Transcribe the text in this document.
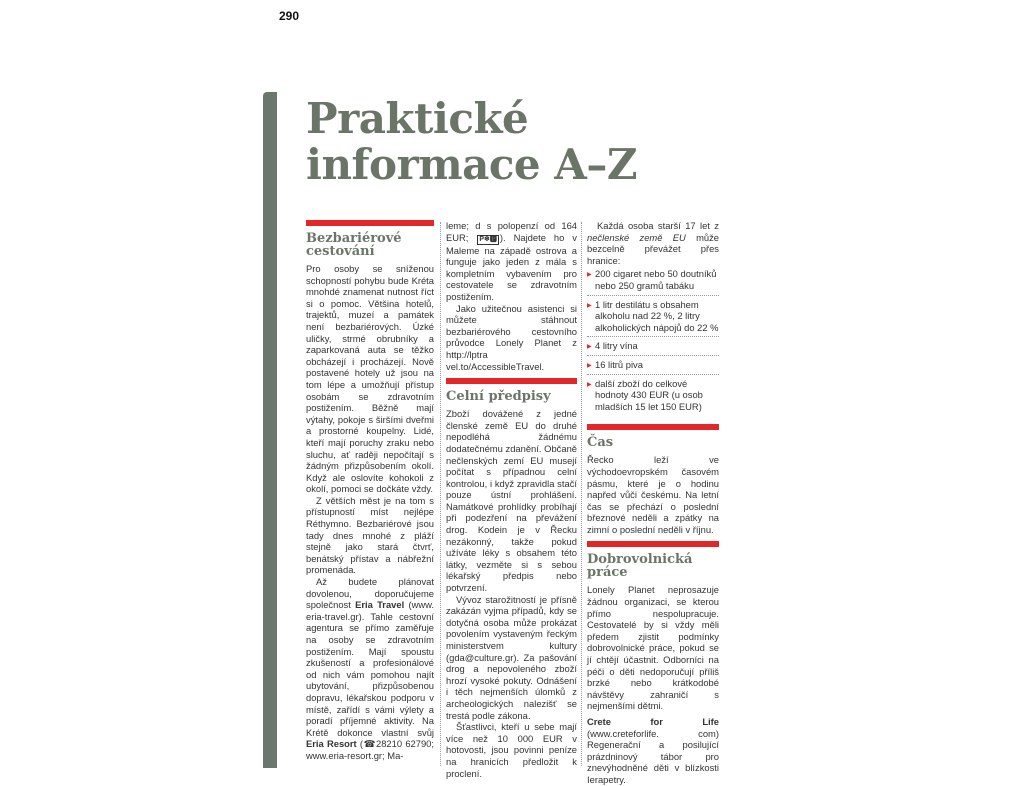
290
Praktické
informace A–Z
Bezbariérové
cestování

Pro osoby se sníženou schopností pohybu bude Kréta mnohdé znamenat nutnost říct si o pomoc. Většina hotelů, trajektů, muzeí a památek není bezbariérových. Úzké uličky, strmé obrubníky a zaparkovaná auta se těžko obcházejí i procházejí. Nově postavené hotely už jsou na tom lépe a umožňují přístup osobám se zdravotním postižením. Běžně mají výtahy, pokoje s širšími dveřmi a prostorné koupelny. Lidé, kteří mají poruchy zraku nebo sluchu, ať raději nepočítají s žádným přizpůsobením okolí. Když ale oslovíte kohokoli z okolí, pomoci se dočkáte vždy.

Z větších měst je na tom s přístupností míst nejlépe Réthymno. Bezbariérové jsou tady dnes mnohé z pláží stejně jako stará čtvrť, benátský přístav a nábřežní promenáda.

Až budete plánovat dovolenou, doporučujeme společnost Eria Travel (www. eria-travel.gr). Tahle cestovní agentura se přímo zaměřuje na osoby se zdravotním postižením. Mají spoustu zkušeností a profesionálové od nich vám pomohou najít ubytování, přizpůsobenou dopravu, lékařskou podporu v místě, zařídí s vámi výlety a poradí příjemné aktivity. Na Krétě dokonce vlastní svůj Eria Resort (☎28210 62790; www.eria-resort.gr; Ma-

leme; d s polopenzí od 164 EUR; P❄🅿 ). Najdete ho v Maleme na západě ostrova a funguje jako jeden z mála s kompletním vybavením pro cestovatele se zdravotním postižením.

Jako užitečnou asistenci si můžete stáhnout bezbariérového cestovního průvodce Lonely Planet z http://lptra vel.to/AccessibleTravel.

Celní předpisy

Zboží dovážené z jedné členské země EU do druhé nepodléhá žádnému dodatečnému zdanění. Občaně nečlenských zemí EU musejí počítat s případnou celní kontrolou, i když zpravidla stačí pouze ústní prohlášení. Namátkové prohlídky probíhají při podezření na převážení drog. Kodein je v Řecku nezákonný, takže pokud užíváte léky s obsahem této látky, vezměte si s sebou lékařský předpis nebo potvrzení.

Vývoz starožitností je přísně zakázán vyjma případů, kdy se dotyčná osoba může prokázat povolením vystaveným řeckým ministerstvem kultury (gda@culture.gr). Za pašování drog a nepovoleného zboží hrozí vysoké pokuty. Odnášení i těch nejmenších úlomků z archeologických nalezišť se trestá podle zákona.

Šťastlivci, kteří u sebe mají více než 10 000 EUR v hotovosti, jsou povinni peníze na hranicích předložit k proclení.

Každá osoba starší 17 let z nečlenské země EU může bezcelně převážet přes hranice:

▶ 200 cigaret nebo 50 doutníků nebo 250 gramů tabáku
▶ 1 litr destilátu s obsahem alkoholu nad 22 %, 2 litry alkoholických nápojů do 22 %
▶ 4 litry vína
▶ 16 litrů piva
▶ další zboží do celkové hodnoty 430 EUR (u osob mladších 15 let 150 EUR)
Čas

Řecko leží ve východoevropském časovém pásmu, které je o hodinu napřed vůči českému. Na letní čas se přechází o poslední březnové neděli a zpátky na zimní o poslední neděli v říjnu.

Dobrovolnická
práce

Lonely Planet neprosazuje žádnou organizaci, se kterou přímo nespolupracuje. Cestovatelé by si vždy měli předem zjistit podmínky dobrovolnické práce, pokud se jí chtějí účastnit. Odborníci na péči o děti nedoporučují příliš brzké nebo krátkodobé návštěvy zahraničí s nejmenšími dětmi.

Crete for Life (www.creteforlife. com) Regenerační a posilující prázdninový tábor pro znevýhodněné děti v blízkosti Ierapetry.
